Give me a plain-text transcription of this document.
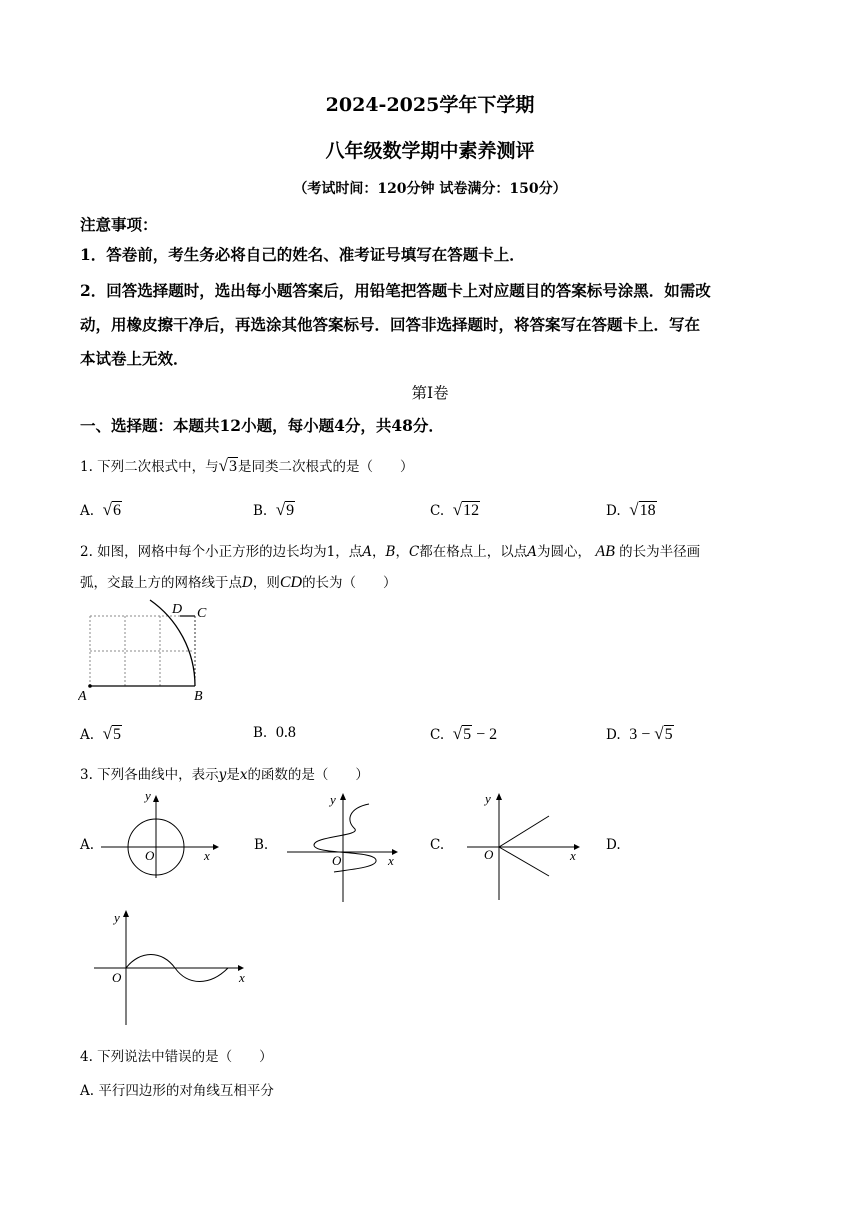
2024-2025学年下学期
八年级数学期中素养测评
（考试时间：120分钟 试卷满分：150分）
注意事项：
1．答卷前，考生务必将自己的姓名、准考证号填写在答题卡上．
2．回答选择题时，选出每小题答案后，用铅笔把答题卡上对应题目的答案标号涂黑．如需改
动，用橡皮擦干净后，再选涂其他答案标号．回答非选择题时，将答案写在答题卡上．写在
本试卷上无效．
第Ⅰ卷
一、选择题：本题共12小题，每小题4分，共48分．
1. 下列二次根式中，与√3是同类二次根式的是（　　）
A. √6	B. √9	C. √12	D. √18
2. 如图，网格中每个小正方形的边长均为1，点A，B，C都在格点上，以点A为圆心， AB 的长为半径画
弧，交最上方的网格线于点D，则CD的长为（　　）
A	B
C
D
A. √5	B. 0.8	C. √5 − 2	D. 3 − √5
3. 下列各曲线中，表示y是x的函数的是（　　）
A.
y
O	x
B.
y
O	x
C.
y
O	x
D.
y
O	x
4. 下列说法中错误的是（　　）
A. 平行四边形的对角线互相平分
